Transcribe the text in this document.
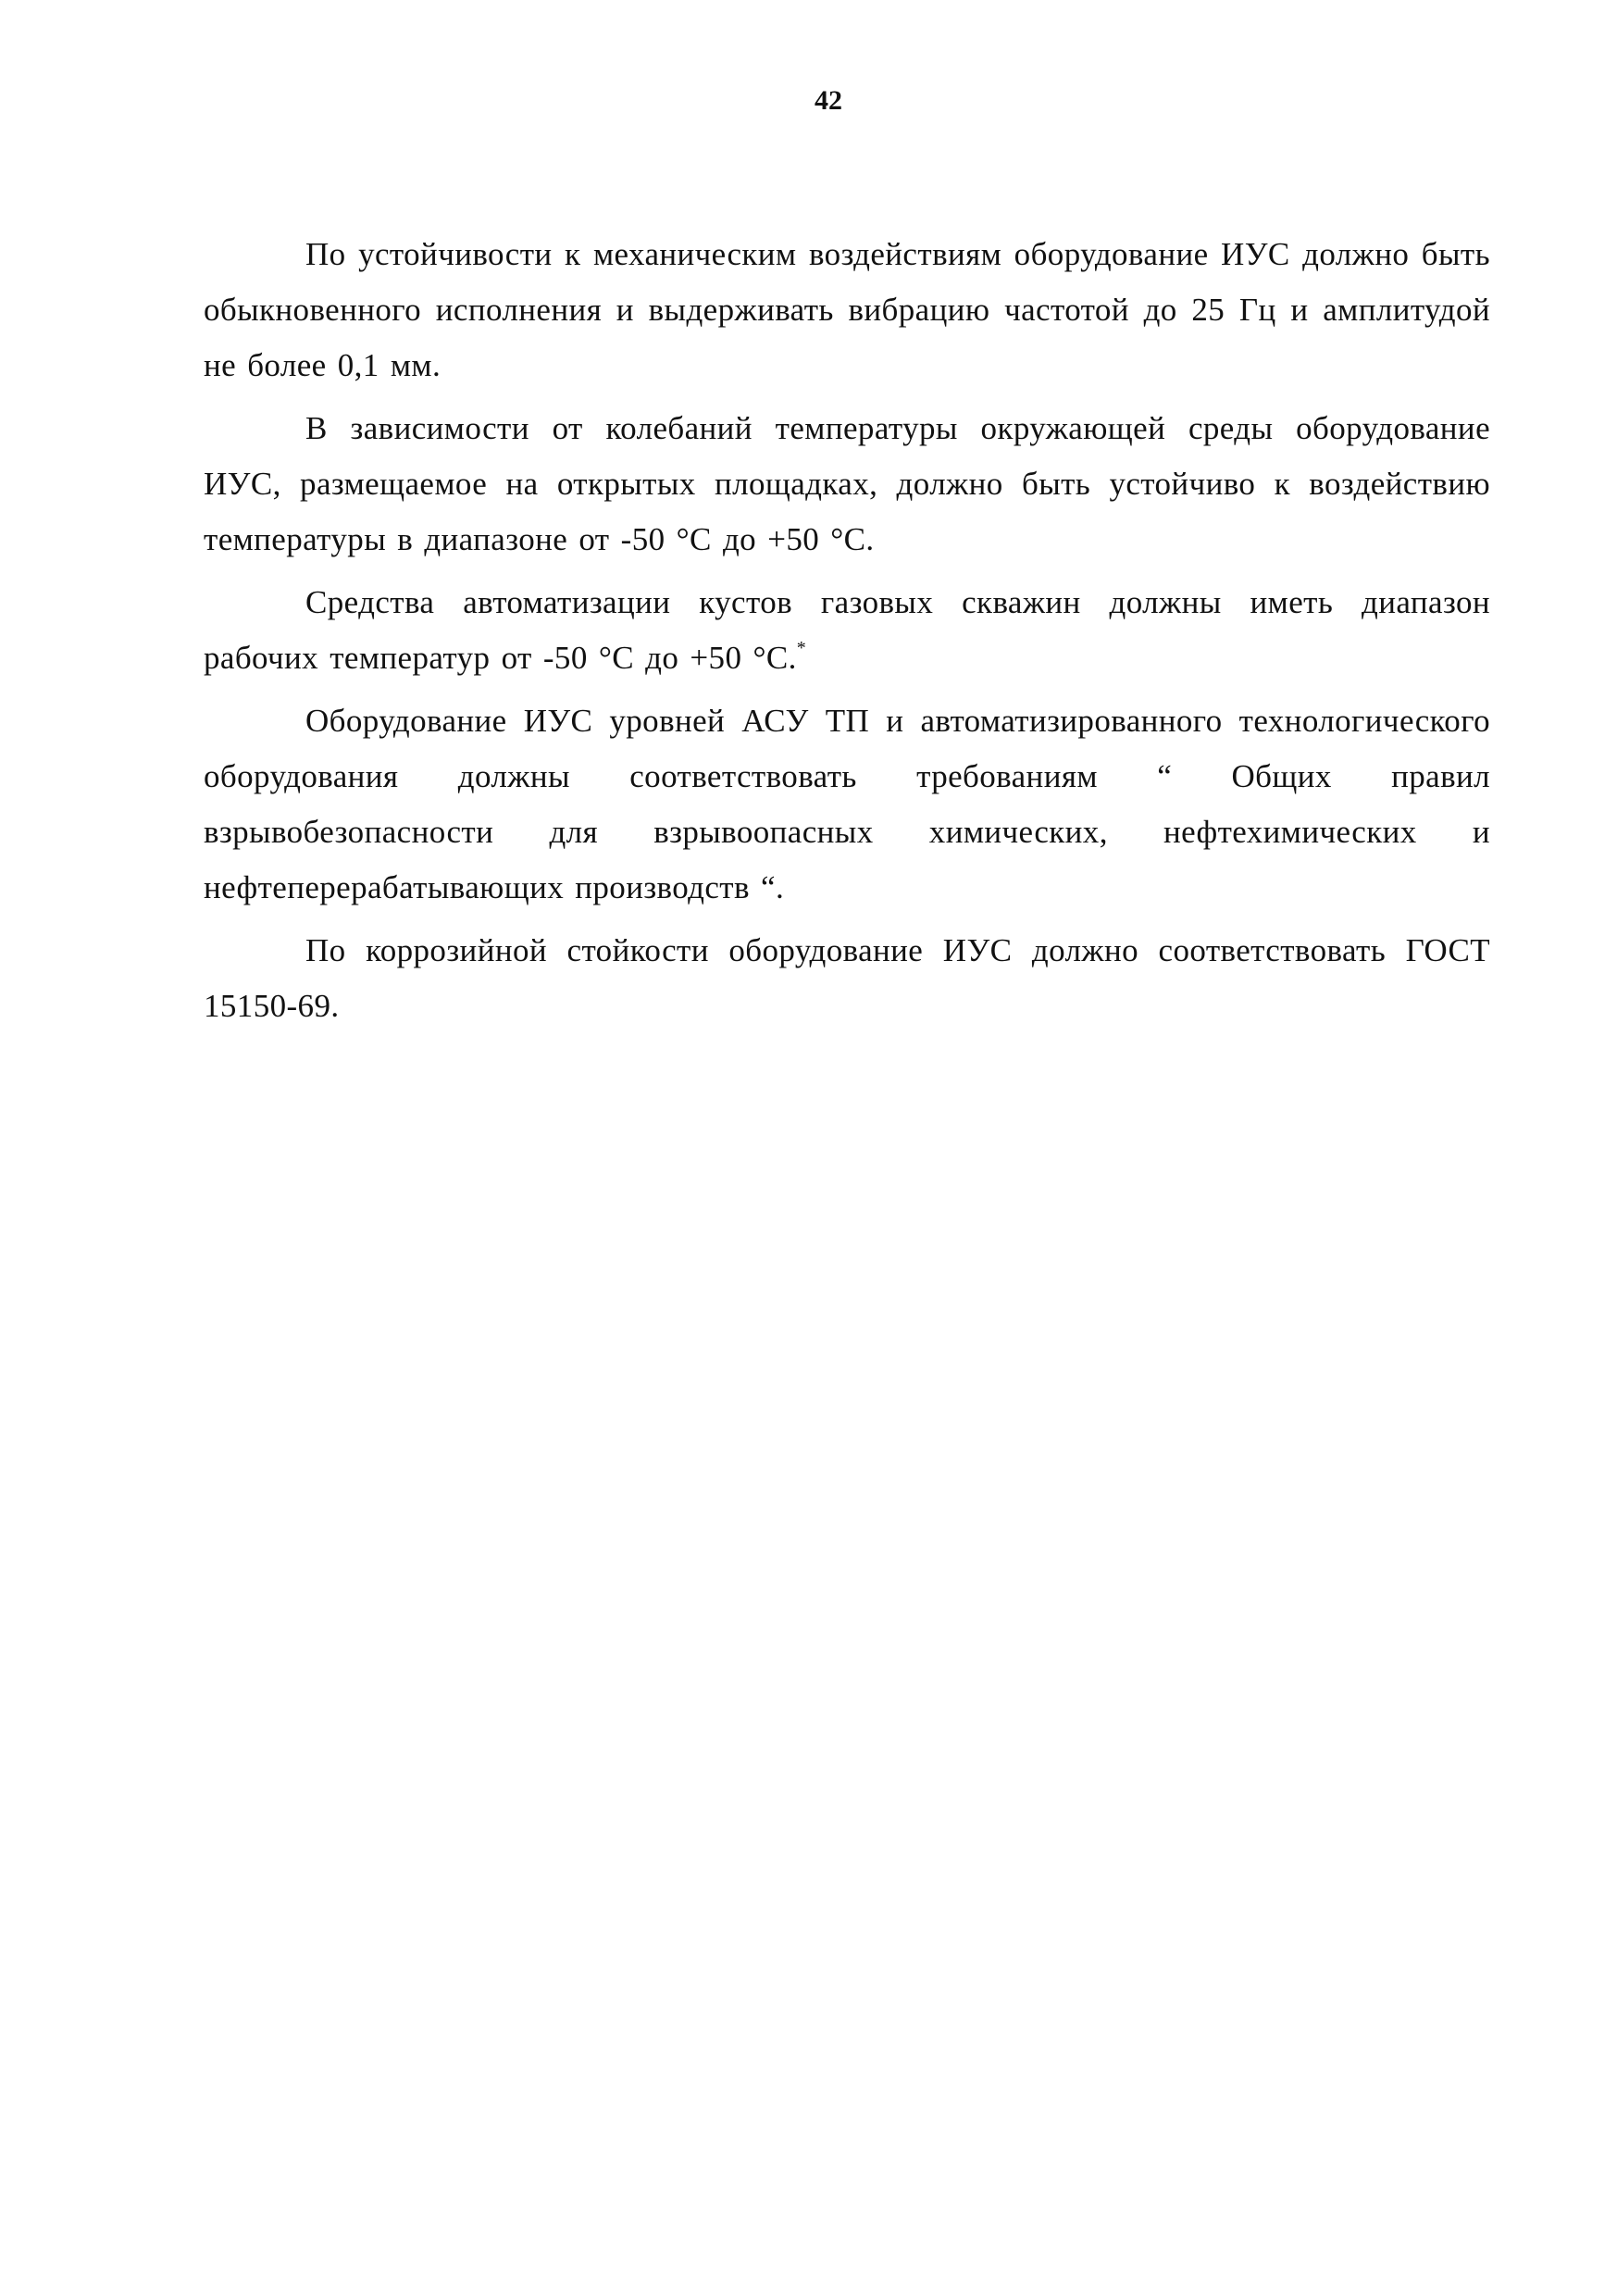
42

По устойчивости к механическим воздействиям оборудование ИУС должно быть обыкновенного исполнения и выдерживать вибрацию частотой до 25 Гц и амплитудой не более 0,1 мм.

В зависимости от колебаний температуры окружающей среды оборудование ИУС, размещаемое на открытых площадках, должно быть устойчиво к воздействию температуры в диапазоне от -50 °С до +50 °С.

Средства автоматизации кустов газовых скважин должны иметь диапазон рабочих температур от -50 °С до +50 °С.*

Оборудование ИУС уровней АСУ ТП и автоматизированного технологического оборудования должны соответствовать требованиям “ Общих правил взрывобезопасности для взрывоопасных химических, нефтехимических и нефтеперерабатывающих производств “.

По коррозийной стойкости оборудование ИУС должно соответствовать ГОСТ 15150-69.
